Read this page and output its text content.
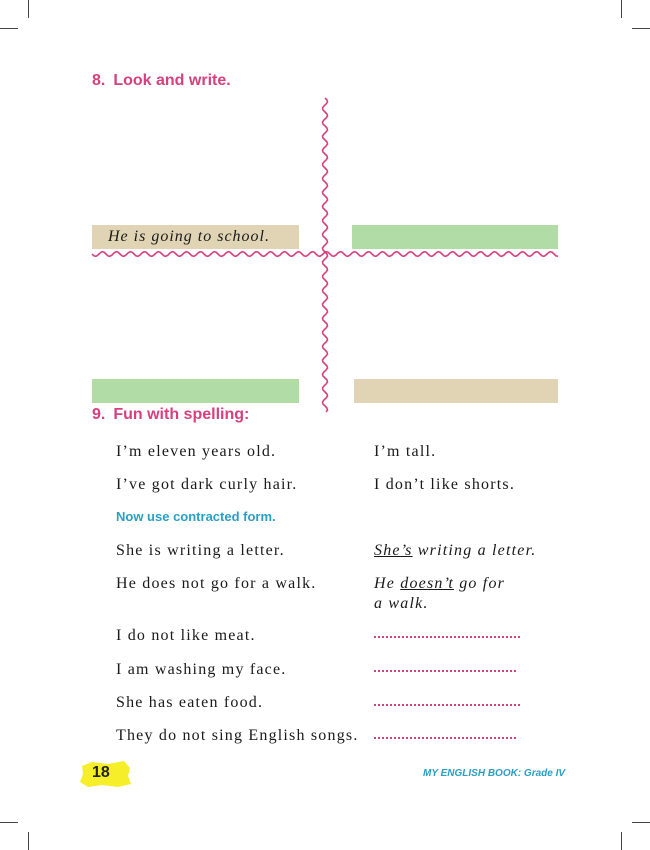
8. Look and write.
He is going to school.
9. Fun with spelling:
I’m eleven years old.	I’m tall.
I’ve got dark curly hair.	I don’t like shorts.
Now use contracted form.
She is writing a letter.	She’s writing a letter.
He does not go for a walk.	He doesn’t go for
a walk.
I do not like meat.
I am washing my face.
She has eaten food.
They do not sing English songs.
18	MY ENGLISH BOOK: Grade IV
